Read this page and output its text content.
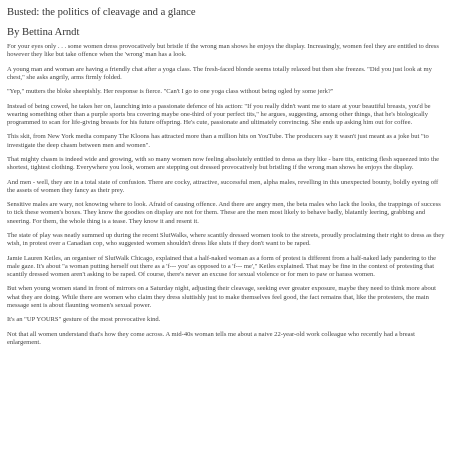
Busted: the politics of cleavage and a glance
By Bettina Arndt

For your eyes only . . . some women dress provocatively but bristle if the wrong man shows he enjoys the display. Increasingly, women feel they are entitled to dress however they like but take offence when the 'wrong' man has a look.

A young man and woman are having a friendly chat after a yoga class. The fresh-faced blonde seems totally relaxed but then she freezes. "Did you just look at my chest," she asks angrily, arms firmly folded.

"Yep," mutters the bloke sheepishly. Her response is fierce. "Can't I go to one yoga class without being ogled by some jerk?"

Instead of being cowed, he takes her on, launching into a passionate defence of his action: "If you really didn't want me to stare at your beautiful breasts, you'd be wearing something other than a purple sports bra covering maybe one-third of your perfect tits," he argues, suggesting, among other things, that he's biologically programmed to scan for life-giving breasts for his future offspring. He's cute, passionate and ultimately convincing. She ends up asking him out for coffee.

This skit, from New York media company The Kloons has attracted more than a million hits on YouTube. The producers say it wasn't just meant as a joke but "to investigate the deep chasm between men and women".

That mighty chasm is indeed wide and growing, with so many women now feeling absolutely entitled to dress as they like - bare tits, enticing flesh squeezed into the shortest, tightest clothing. Everywhere you look, women are stepping out dressed provocatively but bristling if the wrong man shows he enjoys the display.

And men - well, they are in a total state of confusion. There are cocky, attractive, successful men, alpha males, revelling in this unexpected bounty, boldly eyeing off the assets of women they fancy as their prey.

Sensitive males are wary, not knowing where to look. Afraid of causing offence. And there are angry men, the beta males who lack the looks, the trappings of success to tick these women's boxes. They know the goodies on display are not for them. These are the men most likely to behave badly, blatantly leering, grabbing and sneering. For them, the whole thing is a tease. They know it and resent it.

The state of play was neatly summed up during the recent SlutWalks, where scantily dressed women took to the streets, proudly proclaiming their right to dress as they wish, in protest over a Canadian cop, who suggested women shouldn't dress like sluts if they don't want to be raped.

Jamie Lauren Keiles, an organiser of SlutWalk Chicago, explained that a half-naked woman as a form of protest is different from a half-naked lady pandering to the male gaze. It's about "a woman putting herself out there as a 'f--- you' as opposed to a 'f--- me'," Keiles explained. That may be fine in the context of protesting that scantily dressed women aren't asking to be raped. Of course, there's never an excuse for sexual violence or for men to paw or harass women.

But when young women stand in front of mirrors on a Saturday night, adjusting their cleavage, seeking ever greater exposure, maybe they need to think more about what they are doing. While there are women who claim they dress sluttishly just to make themselves feel good, the fact remains that, like the protesters, the main message sent is about flaunting women's sexual power.

It's an "UP YOURS" gesture of the most provocative kind.

Not that all women understand that's how they come across. A mid-40s woman tells me about a naive 22-year-old work colleague who recently had a breast enlargement.
